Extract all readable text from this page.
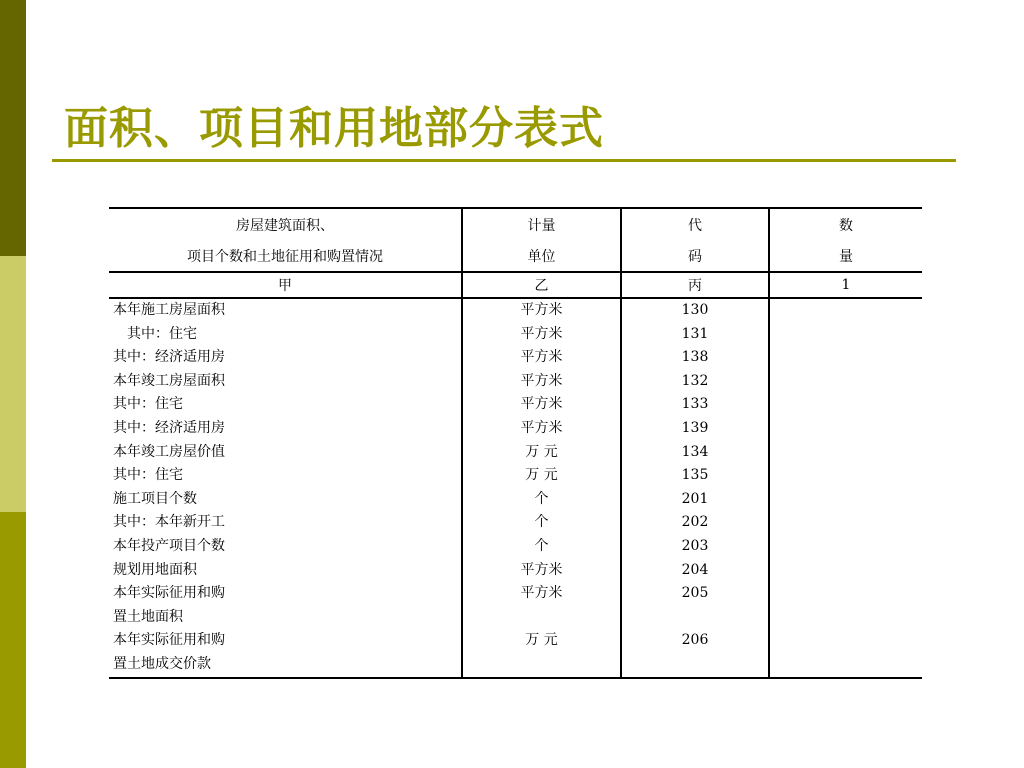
面积、项目和用地部分表式
房屋建筑面积、	计量	代	数
项目个数和土地征用和购置情况	单位	码	量
甲	乙	丙	1
本年施工房屋面积	平方米	130	
　其中：住宅	平方米	131	
其中：经济适用房	平方米	138	
本年竣工房屋面积	平方米	132	
其中：住宅	平方米	133	
其中：经济适用房	平方米	139	
本年竣工房屋价值	万 元	134	
其中：住宅	万 元	135	
施工项目个数	个	201	
其中：本年新开工	个	202	
本年投产项目个数	个	203	
规划用地面积	平方米	204	
本年实际征用和购	平方米	205	
置土地面积			
本年实际征用和购	万 元	206	
置土地成交价款			
